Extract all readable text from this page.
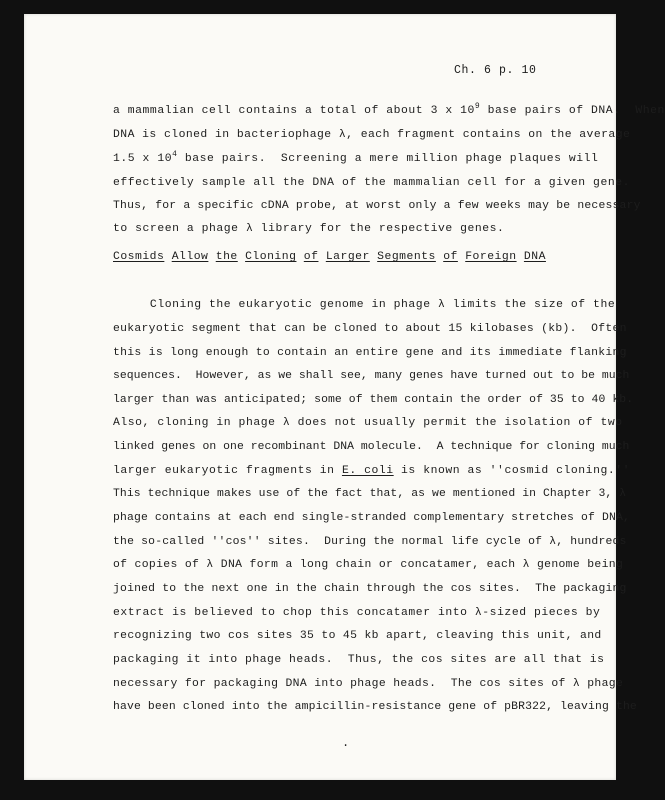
Ch. 6 p. 10
a mammalian cell contains a total of about 3 x $10^9$ base pairs of DNA.  When
DNA is cloned in bacteriophage λ, each fragment contains on the average
1.5 x $10^4$ base pairs.  Screening a mere million phage plaques will
effectively sample all the DNA of the mammalian cell for a given gene.
Thus, for a specific cDNA probe, at worst only a few weeks may be necessary
to screen a phage λ library for the respective genes.
Cosmids Allow the Cloning of Larger Segments of Foreign DNA
Cloning the eukaryotic genome in phage λ limits the size of the
eukaryotic segment that can be cloned to about 15 kilobases (kb).  Often
this is long enough to contain an entire gene and its immediate flanking
sequences.  However, as we shall see, many genes have turned out to be much
larger than was anticipated; some of them contain the order of 35 to 40 kb.
Also, cloning in phage λ does not usually permit the isolation of two
linked genes on one recombinant DNA molecule.  A technique for cloning much
larger eukaryotic fragments in E. coli is known as ''cosmid cloning.''
This technique makes use of the fact that, as we mentioned in Chapter 3, λ
phage contains at each end single-stranded complementary stretches of DNA,
the so-called ''cos'' sites.  During the normal life cycle of λ, hundreds
of copies of λ DNA form a long chain or concatamer, each λ genome being
joined to the next one in the chain through the cos sites.  The packaging
extract is believed to chop this concatamer into λ-sized pieces by
recognizing two cos sites 35 to 45 kb apart, cleaving this unit, and
packaging it into phage heads.  Thus, the cos sites are all that is
necessary for packaging DNA into phage heads.  The cos sites of λ phage
have been cloned into the ampicillin-resistance gene of pBR322, leaving the
.
